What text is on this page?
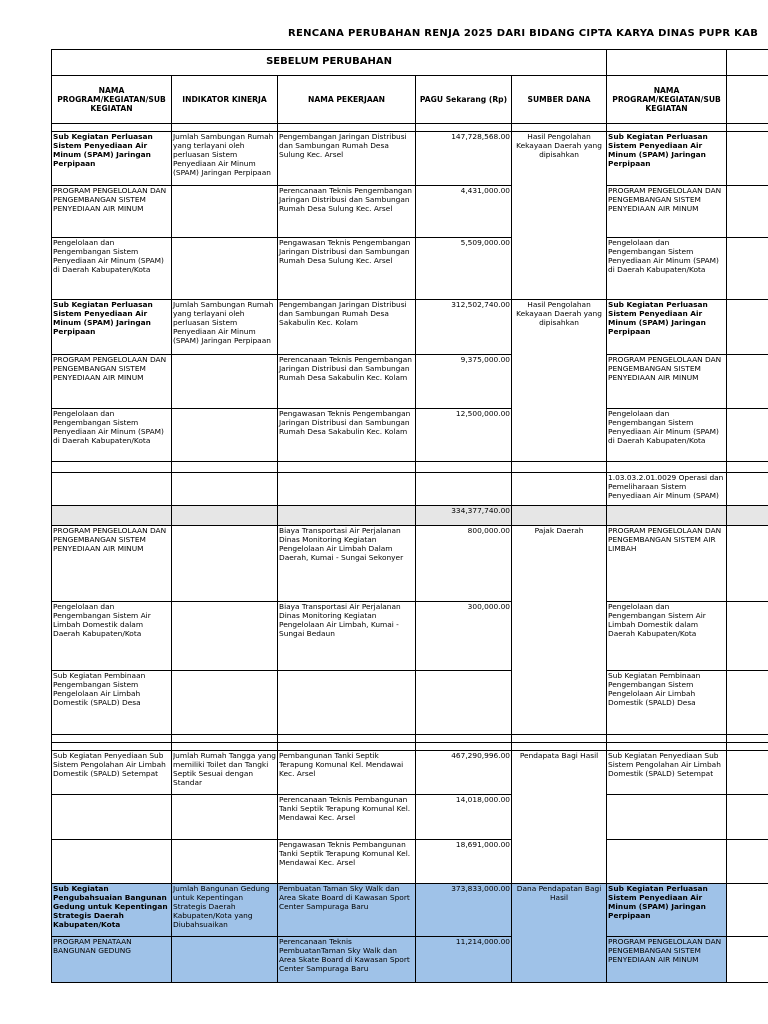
RENCANA PERUBAHAN RENJA 2025 DARI BIDANG CIPTA KARYA DINAS PUPR KAB
SEBELUM PERUBAHAN						
NAMA PROGRAM/KEGIATAN/SUB KEGIATAN	INDIKATOR KINERJA	NAMA PEKERJAAN	PAGU Sekarang (Rp)	SUMBER DANA	NAMA PROGRAM/KEGIATAN/SUB KEGIATAN	

Sub Kegiatan Perluasan Sistem Penyediaan Air Minum (SPAM) Jaringan Perpipaan	Jumlah Sambungan Rumah yang terlayani oleh perluasan Sistem Penyediaan Air Minum (SPAM) Jaringan Perpipaan	Pengembangan Jaringan Distribusi dan Sambungan Rumah Desa Sulung Kec. Arsel	147,728,568.00	Hasil Pengolahan Kekayaan Daerah yang dipisahkan	Sub Kegiatan Perluasan Sistem Penyediaan Air Minum (SPAM) Jaringan Perpipaan	
PROGRAM PENGELOLAAN DAN PENGEMBANGAN SISTEM PENYEDIAAN AIR MINUM		Perencanaan Teknis Pengembangan Jaringan Distribusi dan Sambungan Rumah Desa Sulung Kec. Arsel	4,431,000.00		PROGRAM PENGELOLAAN DAN PENGEMBANGAN SISTEM PENYEDIAAN AIR MINUM	
Pengelolaan dan Pengembangan Sistem Penyediaan Air Minum (SPAM) di Daerah Kabupaten/Kota		Pengawasan Teknis Pengembangan Jaringan Distribusi dan Sambungan Rumah Desa Sulung Kec. Arsel	5,509,000.00		Pengelolaan dan Pengembangan Sistem Penyediaan Air Minum (SPAM) di Daerah Kabupaten/Kota	
Sub Kegiatan Perluasan Sistem Penyediaan Air Minum (SPAM) Jaringan Perpipaan	Jumlah Sambungan Rumah yang terlayani oleh perluasan Sistem Penyediaan Air Minum (SPAM) Jaringan Perpipaan	Pengembangan Jaringan Distribusi dan Sambungan Rumah Desa Sakabulin Kec. Kolam	312,502,740.00	Hasil Pengolahan Kekayaan Daerah yang dipisahkan	Sub Kegiatan Perluasan Sistem Penyediaan Air Minum (SPAM) Jaringan Perpipaan	
PROGRAM PENGELOLAAN DAN PENGEMBANGAN SISTEM PENYEDIAAN AIR MINUM		Perencanaan Teknis Pengembangan Jaringan Distribusi dan Sambungan Rumah Desa Sakabulin Kec. Kolam	9,375,000.00		PROGRAM PENGELOLAAN DAN PENGEMBANGAN SISTEM PENYEDIAAN AIR MINUM	
Pengelolaan dan Pengembangan Sistem Penyediaan Air Minum (SPAM) di Daerah Kabupaten/Kota		Pengawasan Teknis Pengembangan Jaringan Distribusi dan Sambungan Rumah Desa Sakabulin Kec. Kolam	12,500,000.00		Pengelolaan dan Pengembangan Sistem Penyediaan Air Minum (SPAM) di Daerah Kabupaten/Kota	

					1.03.03.2.01.0029 Operasi dan Pemeliharaan Sistem Penyediaan Air Minum (SPAM)	
			334,377,740.00			
PROGRAM PENGELOLAAN DAN PENGEMBANGAN SISTEM PENYEDIAAN AIR MINUM		Biaya Transportasi Air Perjalanan Dinas Monitoring Kegiatan Pengelolaan Air Limbah Dalam Daerah, Kumai - Sungai Sekonyer	800,000.00	Pajak Daerah	PROGRAM PENGELOLAAN DAN PENGEMBANGAN SISTEM AIR LIMBAH	
Pengelolaan dan Pengembangan Sistem Air Limbah Domestik dalam Daerah Kabupaten/Kota		Biaya Transportasi Air Perjalanan Dinas Monitoring Kegiatan Pengelolaan Air Limbah, Kumai - Sungai Bedaun	300,000.00		Pengelolaan dan Pengembangan Sistem Air Limbah Domestik dalam Daerah Kabupaten/Kota	
Sub Kegiatan Pembinaan Pengembangan Sistem Pengelolaan Air Limbah Domestik (SPALD) Desa					Sub Kegiatan Pembinaan Pengembangan Sistem Pengelolaan Air Limbah Domestik (SPALD) Desa	

Sub Kegiatan Penyediaan Sub Sistem Pengolahan Air Limbah Domestik (SPALD) Setempat	Jumlah Rumah Tangga yang memiliki Toilet dan Tangki Septik Sesuai dengan Standar	Pembangunan Tanki Septik Terapung Komunal Kel. Mendawai Kec. Arsel	467,290,996.00	Pendapata Bagi Hasil	Sub Kegiatan Penyediaan Sub Sistem Pengolahan Air Limbah Domestik (SPALD) Setempat	
		Perencanaan Teknis Pembangunan Tanki Septik Terapung Komunal Kel. Mendawai Kec. Arsel	14,018,000.00			
		Pengawasan Teknis Pembangunan Tanki Septik Terapung Komunal Kel. Mendawai Kec. Arsel	18,691,000.00			
Sub Kegiatan Pengubahsuaian Bangunan Gedung untuk Kepentingan Strategis Daerah Kabupaten/Kota	Jumlah Bangunan Gedung untuk Kepentingan Strategis Daerah Kabupaten/Kota yang Diubahsuaikan	Pembuatan Taman Sky Walk dan Area Skate Board di Kawasan Sport Center Sampuraga Baru	373,833,000.00	Dana Pendapatan Bagi Hasil	Sub Kegiatan Perluasan Sistem Penyediaan Air Minum (SPAM) Jaringan Perpipaan	
PROGRAM PENATAAN BANGUNAN GEDUNG		Perencanaan Teknis PembuatanTaman Sky Walk dan Area Skate Board di Kawasan Sport Center Sampuraga Baru	11,214,000.00		PROGRAM PENGELOLAAN DAN PENGEMBANGAN SISTEM PENYEDIAAN AIR MINUM	
